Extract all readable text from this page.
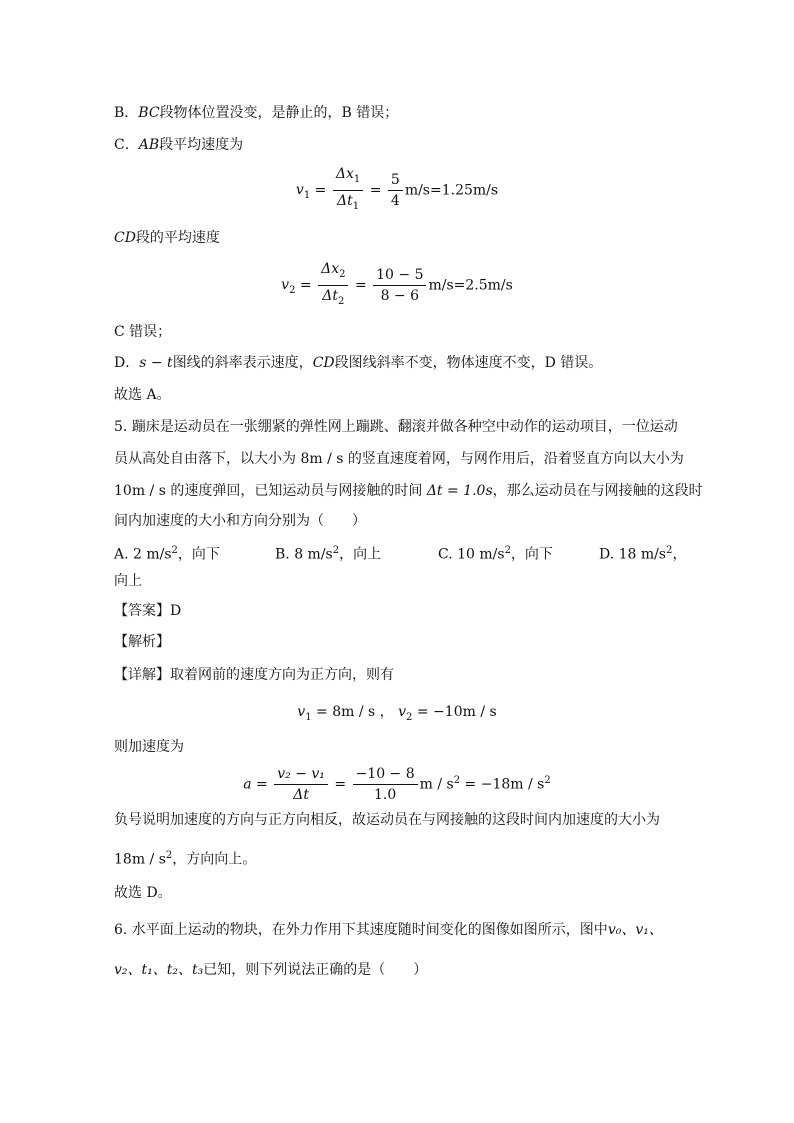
B．BC段物体位置没变，是静止的，B 错误；
C．AB段平均速度为
$v_1 = \frac{\Delta x_1}{\Delta t_1} = \frac{5}{4} m/s=1.25m/s$
CD段的平均速度
$v_2 = \frac{\Delta x_2}{\Delta t_2} = \frac{10 - 5}{8 - 6} m/s=2.5m/s$
C 错误；
D．s − t图线的斜率表示速度，CD段图线斜率不变，物体速度不变，D 错误。
故选 A。
5. 蹦床是运动员在一张绷紧的弹性网上蹦跳、翻滚并做各种空中动作的运动项目，一位运动
员从高处自由落下，以大小为 8m / s 的竖直速度着网，与网作用后，沿着竖直方向以大小为
10m / s 的速度弹回，已知运动员与网接触的时间 Δt = 1.0s，那么运动员在与网接触的这段时
间内加速度的大小和方向分别为（　　）
A. 2 $m/s^2$，向下	B. 8 $m/s^2$，向上	C. 10 $m/s^2$，向下	D. 18 $m/s^2$，
向上
【答案】D
【解析】
【详解】取着网前的速度方向为正方向，则有
$v_1 = 8m / s$ ， $v_2 = -10m / s$
则加速度为
$a = \frac{\text{v₂ − v₁}}{\Delta t} = \frac{-10 - 8}{1.0}$ $m / s^2 = -18m / s^2$
负号说明加速度的方向与正方向相反，故运动员在与网接触的这段时间内加速度的大小为
$18m / s^2$，方向向上。
故选 D。
6. 水平面上运动的物块，在外力作用下其速度随时间变化的图像如图所示，图中v₀、v₁、
v₂、t₁、t₂、t₃已知，则下列说法正确的是（　　）
